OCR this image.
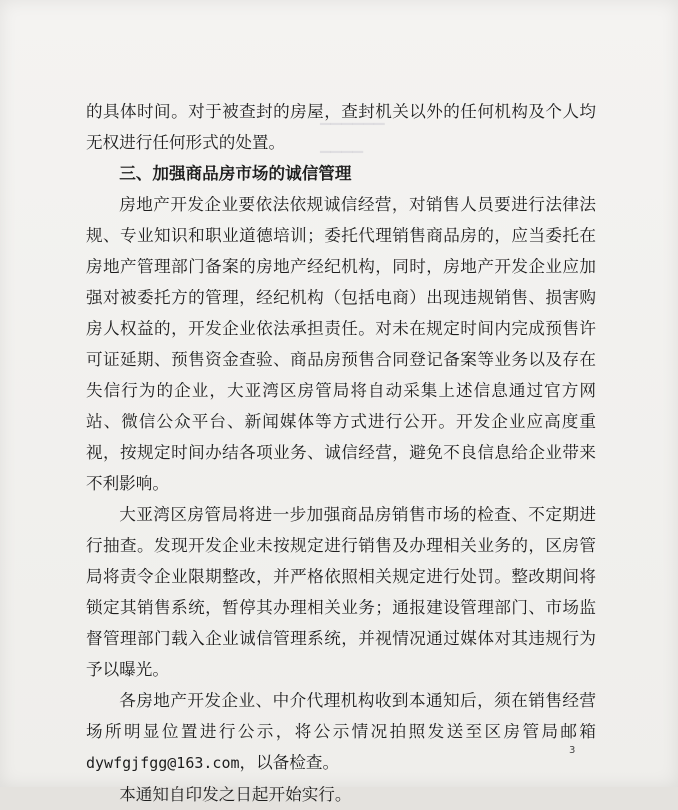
▔▔▔▔▔▔
▔▔▔▔

的具体时间。对于被查封的房屋，查封机关以外的任何机构及个人均无权进行任何形式的处置。

三、加强商品房市场的诚信管理

房地产开发企业要依法依规诚信经营，对销售人员要进行法律法规、专业知识和职业道德培训；委托代理销售商品房的，应当委托在房地产管理部门备案的房地产经纪机构，同时，房地产开发企业应加强对被委托方的管理，经纪机构（包括电商）出现违规销售、损害购房人权益的，开发企业依法承担责任。对未在规定时间内完成预售许可证延期、预售资金查验、商品房预售合同登记备案等业务以及存在失信行为的企业，大亚湾区房管局将自动采集上述信息通过官方网站、微信公众平台、新闻媒体等方式进行公开。开发企业应高度重视，按规定时间办结各项业务、诚信经营，避免不良信息给企业带来不利影响。

大亚湾区房管局将进一步加强商品房销售市场的检查、不定期进行抽查。发现开发企业未按规定进行销售及办理相关业务的，区房管局将责令企业限期整改，并严格依照相关规定进行处罚。整改期间将锁定其销售系统，暂停其办理相关业务；通报建设管理部门、市场监督管理部门载入企业诚信管理系统，并视情况通过媒体对其违规行为予以曝光。

各房地产开发企业、中介代理机构收到本通知后，须在销售经营场所明显位置进行公示，将公示情况拍照发送至区房管局邮箱 dywfgjfgg@163.com，以备检查。

本通知自印发之日起开始实行。

3
